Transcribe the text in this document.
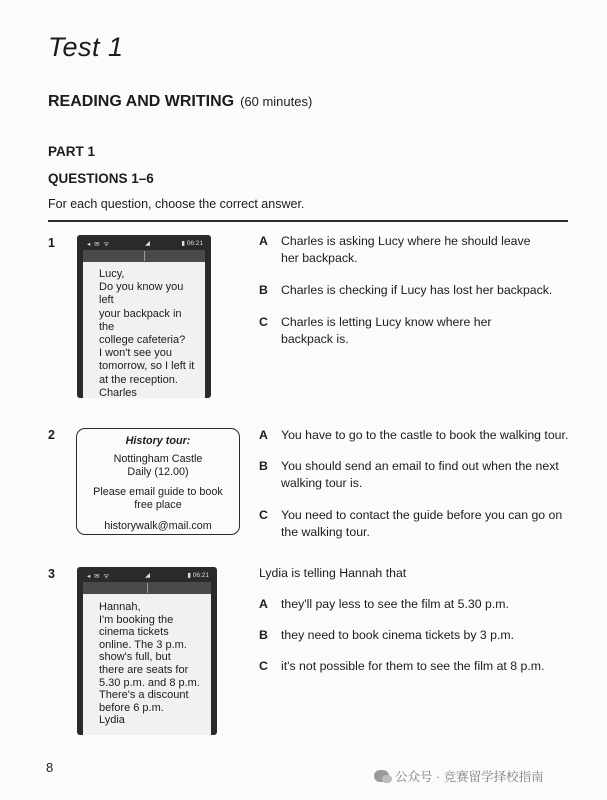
Test 1
READING AND WRITING (60 minutes)
PART 1
QUESTIONS 1–6
For each question, choose the correct answer.
1	◂ ✉ ᯤ	◢	▮ 06:21
Lucy,
Do you know you left
your backpack in the
college cafeteria?
I won't see you
tomorrow, so I left it
at the reception.
Charles
A Charles is asking Lucy where he should leave
her backpack.
B Charles is checking if Lucy has lost her backpack.
C Charles is letting Lucy know where her
backpack is.
2	History tour:
Nottingham Castle
Daily (12.00)
Please email guide to book
free place
historywalk@mail.com
A You have to go to the castle to book the walking tour.
B You should send an email to find out when the next
walking tour is.
C You need to contact the guide before you can go on
the walking tour.
3	◂ ✉ ᯤ	◢	▮ 06:21
Hannah,
I'm booking the
cinema tickets
online. The 3 p.m.
show's full, but
there are seats for
5.30 p.m. and 8 p.m.
There's a discount
before 6 p.m.
Lydia
Lydia is telling Hannah that
A they'll pay less to see the film at 5.30 p.m.
B they need to book cinema tickets by 3 p.m.
C it's not possible for them to see the film at 8 p.m.
8
公众号 · 竞赛留学择校指南
